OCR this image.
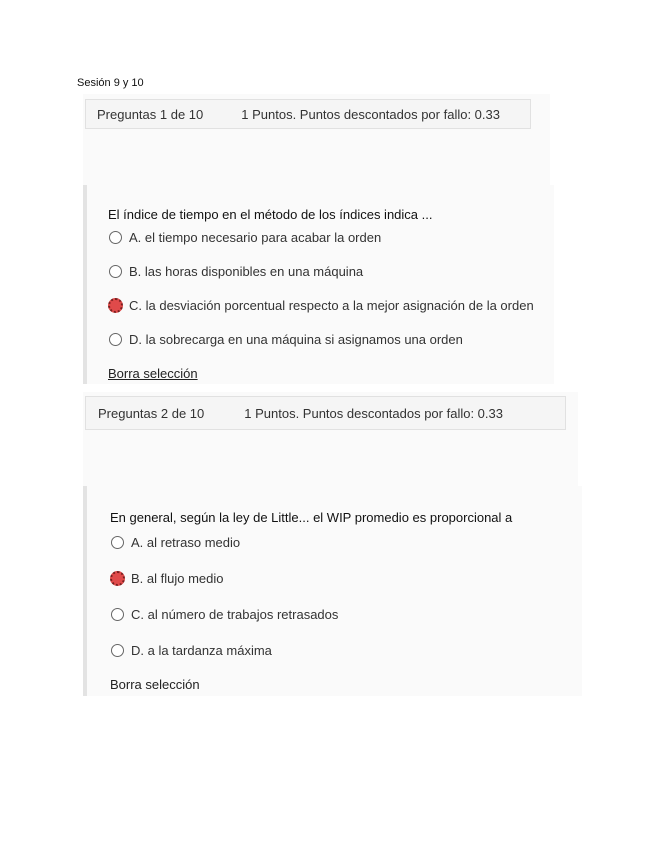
Sesión 9 y 10
Preguntas 1 de 10	1 Puntos. Puntos descontados por fallo: 0.33
El índice de tiempo en el método de los índices indica ...
A. el tiempo necesario para acabar la orden
B. las horas disponibles en una máquina
C. la desviación porcentual respecto a la mejor asignación de la orden
D. la sobrecarga en una máquina si asignamos una orden
Borra selección
Preguntas 2 de 10	1 Puntos. Puntos descontados por fallo: 0.33
En general, según la ley de Little... el WIP promedio es proporcional a
A. al retraso medio
B. al flujo medio
C. al número de trabajos retrasados
D. a la tardanza máxima
Borra selección
